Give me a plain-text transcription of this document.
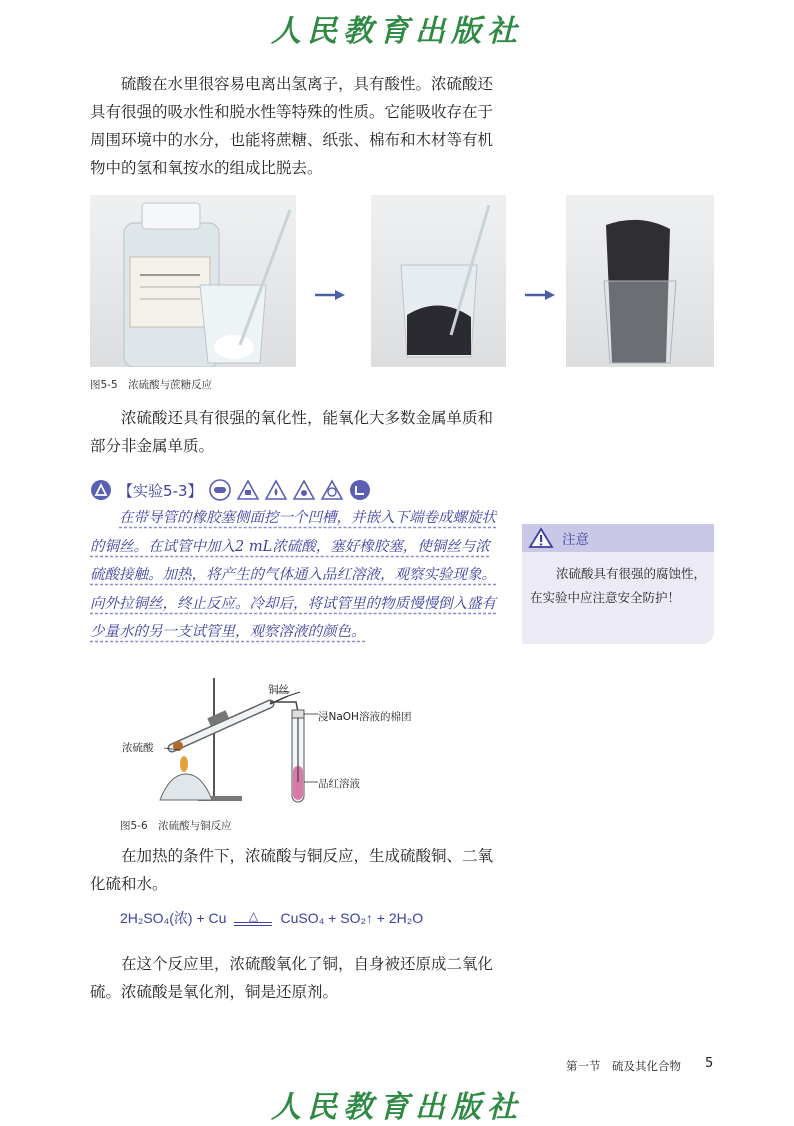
人民教育出版社

硫酸在水里很容易电离出氢离子，具有酸性。浓硫酸还具有很强的吸水性和脱水性等特殊的性质。它能吸收存在于周围环境中的水分，也能将蔗糖、纸张、棉布和木材等有机物中的氢和氧按水的组成比脱去。

图5-5　浓硫酸与蔗糖反应

浓硫酸还具有很强的氧化性，能氧化大多数金属单质和部分非金属单质。

【实验5-3】

在带导管的橡胶塞侧面挖一个凹槽，并嵌入下端卷成螺旋状的铜丝。在试管中加入2 mL浓硫酸，塞好橡胶塞，使铜丝与浓硫酸接触。加热，将产生的气体通入品红溶液，观察实验现象。向外拉铜丝，终止反应。冷却后，将试管里的物质慢慢倒入盛有少量水的另一支试管里，观察溶液的颜色。

注意

浓硫酸具有很强的腐蚀性，在实验中应注意安全防护！

铜丝
浸NaOH溶液的棉团
浓硫酸
品红溶液
图5-6　浓硫酸与铜反应

在加热的条件下，浓硫酸与铜反应，生成硫酸铜、二氧化硫和水。

2H₂SO₄(浓) + Cu △ CuSO₄ + SO₂↑ + 2H₂O

在这个反应里，浓硫酸氧化了铜，自身被还原成二氧化硫。浓硫酸是氧化剂，铜是还原剂。

第一节　硫及其化合物 5
人民教育出版社
